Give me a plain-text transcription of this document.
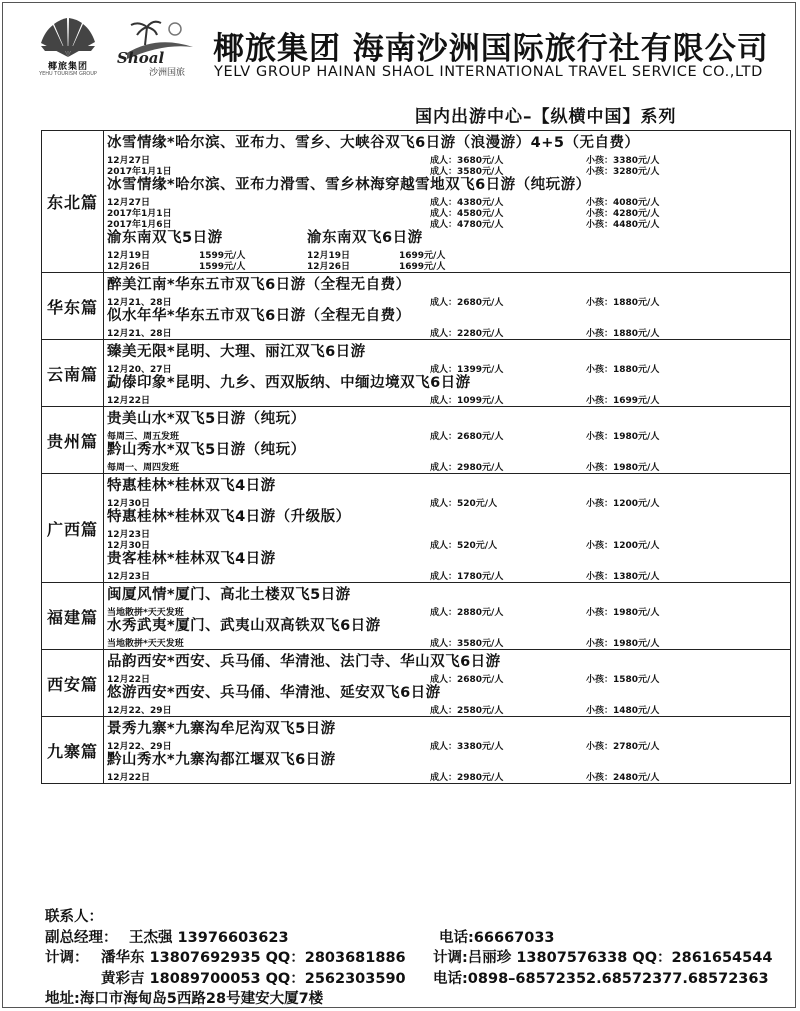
椰旅集团
YEHU TOURISM GROUP
Shoal
沙洲国旅
椰旅集团 海南沙洲国际旅行社有限公司
YELV GROUP HAINAN SHAOL INTERNATIONAL TRAVEL SERVICE CO.,LTD
国内出游中心–【纵横中国】系列
东北篇
冰雪情缘*哈尔滨、亚布力、雪乡、大峡谷双飞6日游（浪漫游）4+5（无自费）
12月27日	成人：3680元/人	小孩：3380元/人
2017年1月1日	成人：3580元/人	小孩：3280元/人
冰雪情缘*哈尔滨、亚布力滑雪、雪乡林海穿越雪地双飞6日游（纯玩游）
12月27日	成人：4380元/人	小孩：4080元/人
2017年1月1日	成人：4580元/人	小孩：4280元/人
2017年1月6日	成人：4780元/人	小孩：4480元/人
渝东南双飞5日游
12月19日	1599元/人
12月26日	1599元/人
渝东南双飞6日游
12月19日	1699元/人
12月26日	1699元/人
华东篇
醉美江南*华东五市双飞6日游（全程无自费）
12月21、28日	成人：2680元/人	小孩：1880元/人
似水年华*华东五市双飞6日游（全程无自费）
12月21、28日	成人：2280元/人	小孩：1880元/人
云南篇
臻美无限*昆明、大理、丽江双飞6日游
12月20、27日	成人：1399元/人	小孩：1880元/人
勐傣印象*昆明、九乡、西双版纳、中缅边境双飞6日游
12月22日	成人：1099元/人	小孩：1699元/人
贵州篇
贵美山水*双飞5日游（纯玩）
每周三、周五发班	成人：2680元/人	小孩：1980元/人
黔山秀水*双飞5日游（纯玩）
每周一、周四发班	成人：2980元/人	小孩：1980元/人
广西篇
特惠桂林*桂林双飞4日游
12月30日	成人：520元/人	小孩：1200元/人
特惠桂林*桂林双飞4日游（升级版）
12月23日
12月30日	成人：520元/人	小孩：1200元/人
贵客桂林*桂林双飞4日游
12月23日	成人：1780元/人	小孩：1380元/人
福建篇
闽厦风情*厦门、高北土楼双飞5日游
当地散拼*天天发班	成人：2880元/人	小孩：1980元/人
水秀武夷*厦门、武夷山双高铁双飞6日游
当地散拼*天天发班	成人：3580元/人	小孩：1980元/人
西安篇
品韵西安*西安、兵马俑、华清池、法门寺、华山双飞6日游
12月22日	成人：2680元/人	小孩：1580元/人
悠游西安*西安、兵马俑、华清池、延安双飞6日游
12月22、29日	成人：2580元/人	小孩：1480元/人
九寨篇
景秀九寨*九寨沟牟尼沟双飞5日游
12月22、29日	成人：3380元/人	小孩：2780元/人
黔山秀水*九寨沟都江堰双飞6日游
12月22日	成人：2980元/人	小孩：2480元/人
联系人：
副总经理： 王杰强 13976603623	电话:66667033
计调： 潘华东 13807692935 QQ：2803681886 计调:吕丽珍 13807576338 QQ：2861654544
黄彩吉 18089700053 QQ：2562303590 电话:0898–68572352.68572377.68572363
地址:海口市海甸岛5西路28号建安大厦7楼
